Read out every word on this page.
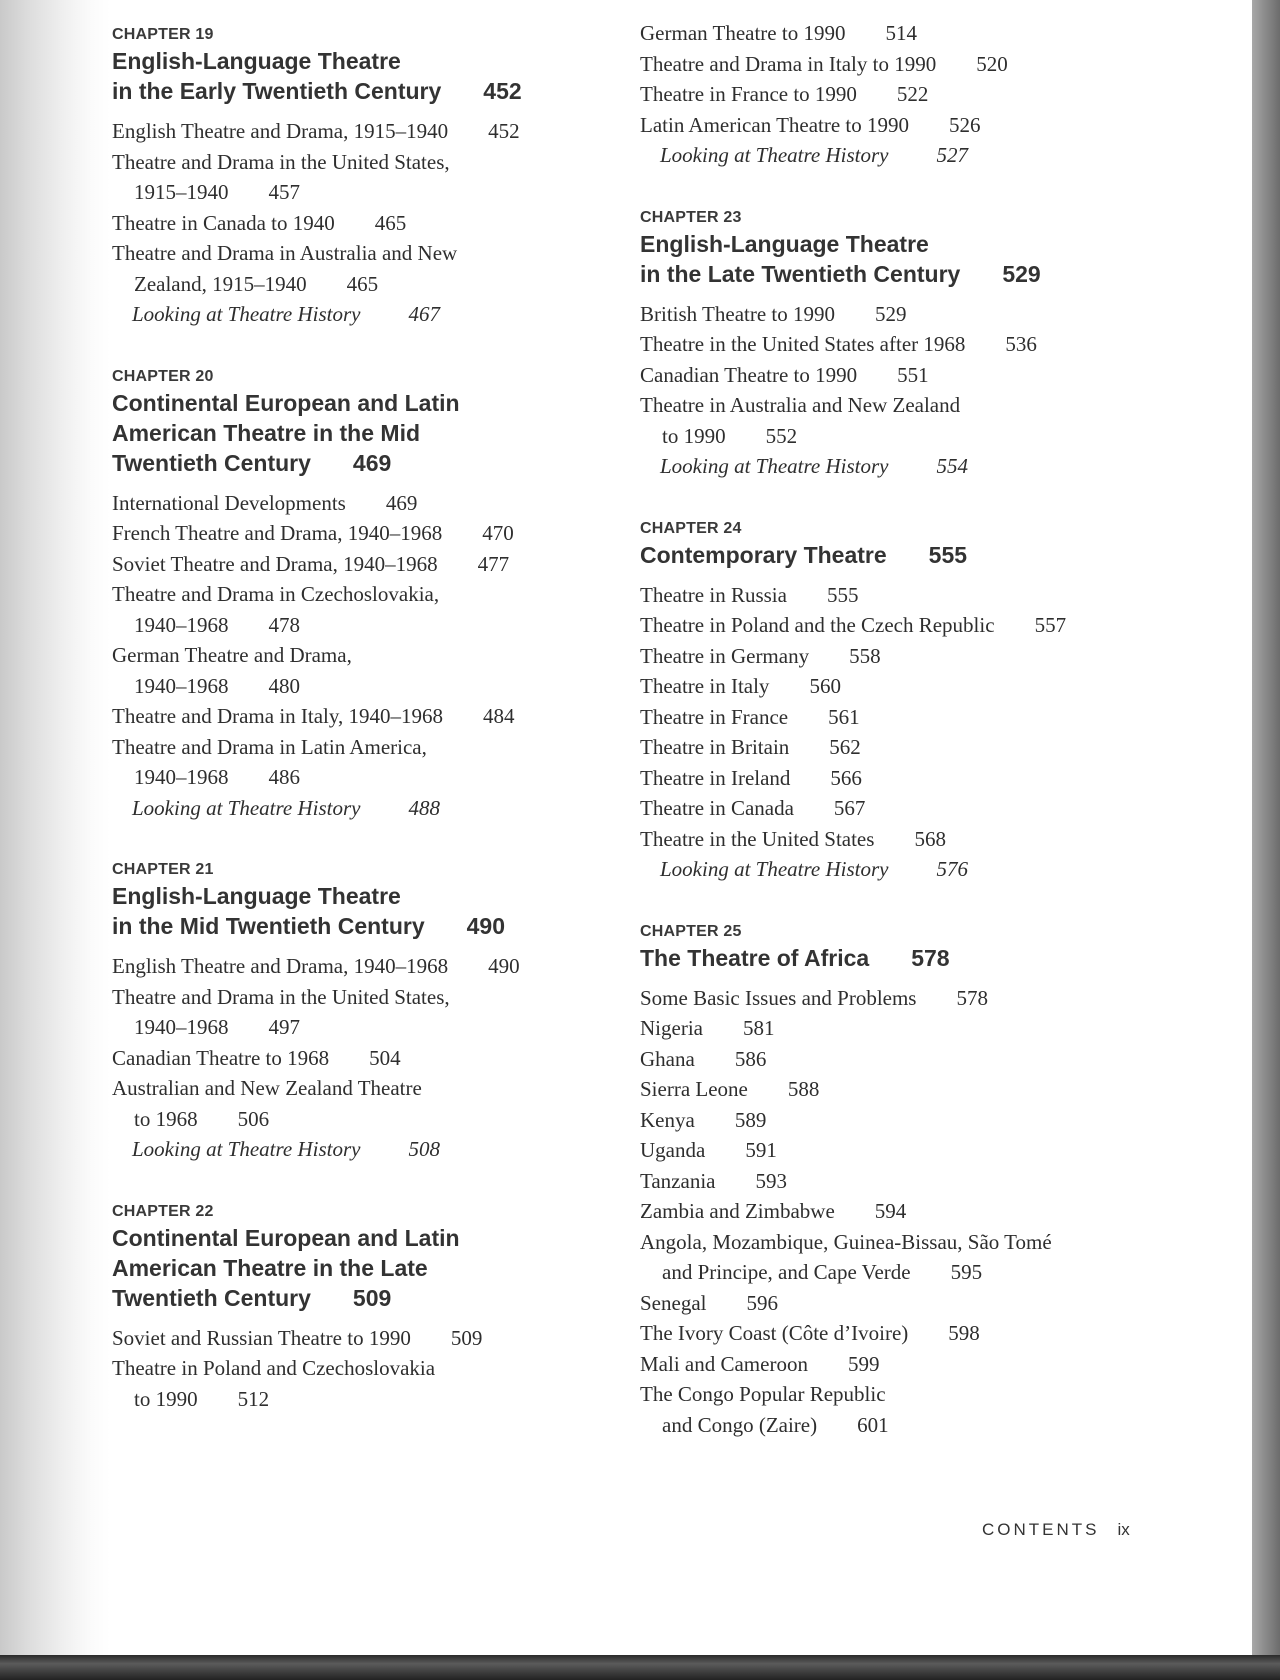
CHAPTER 19
English-Language Theatre
in the Early Twentieth Century 452
English Theatre and Drama, 1915–1940 452
Theatre and Drama in the United States,
1915–1940 457
Theatre in Canada to 1940 465
Theatre and Drama in Australia and New
Zealand, 1915–1940 465
Looking at Theatre History 467
CHAPTER 20
Continental European and Latin
American Theatre in the Mid
Twentieth Century 469
International Developments 469
French Theatre and Drama, 1940–1968 470
Soviet Theatre and Drama, 1940–1968 477
Theatre and Drama in Czechoslovakia,
1940–1968 478
German Theatre and Drama,
1940–1968 480
Theatre and Drama in Italy, 1940–1968 484
Theatre and Drama in Latin America,
1940–1968 486
Looking at Theatre History 488
CHAPTER 21
English-Language Theatre
in the Mid Twentieth Century 490
English Theatre and Drama, 1940–1968 490
Theatre and Drama in the United States,
1940–1968 497
Canadian Theatre to 1968 504
Australian and New Zealand Theatre
to 1968 506
Looking at Theatre History 508
CHAPTER 22
Continental European and Latin
American Theatre in the Late
Twentieth Century 509
Soviet and Russian Theatre to 1990 509
Theatre in Poland and Czechoslovakia
to 1990 512
German Theatre to 1990 514
Theatre and Drama in Italy to 1990 520
Theatre in France to 1990 522
Latin American Theatre to 1990 526
Looking at Theatre History 527
CHAPTER 23
English-Language Theatre
in the Late Twentieth Century 529
British Theatre to 1990 529
Theatre in the United States after 1968 536
Canadian Theatre to 1990 551
Theatre in Australia and New Zealand
to 1990 552
Looking at Theatre History 554
CHAPTER 24
Contemporary Theatre 555
Theatre in Russia 555
Theatre in Poland and the Czech Republic 557
Theatre in Germany 558
Theatre in Italy 560
Theatre in France 561
Theatre in Britain 562
Theatre in Ireland 566
Theatre in Canada 567
Theatre in the United States 568
Looking at Theatre History 576
CHAPTER 25
The Theatre of Africa 578
Some Basic Issues and Problems 578
Nigeria 581
Ghana 586
Sierra Leone 588
Kenya 589
Uganda 591
Tanzania 593
Zambia and Zimbabwe 594
Angola, Mozambique, Guinea-Bissau, São Tomé
and Principe, and Cape Verde 595
Senegal 596
The Ivory Coast (Côte d’Ivoire) 598
Mali and Cameroon 599
The Congo Popular Republic
and Congo (Zaire) 601
CONTENTS ix
